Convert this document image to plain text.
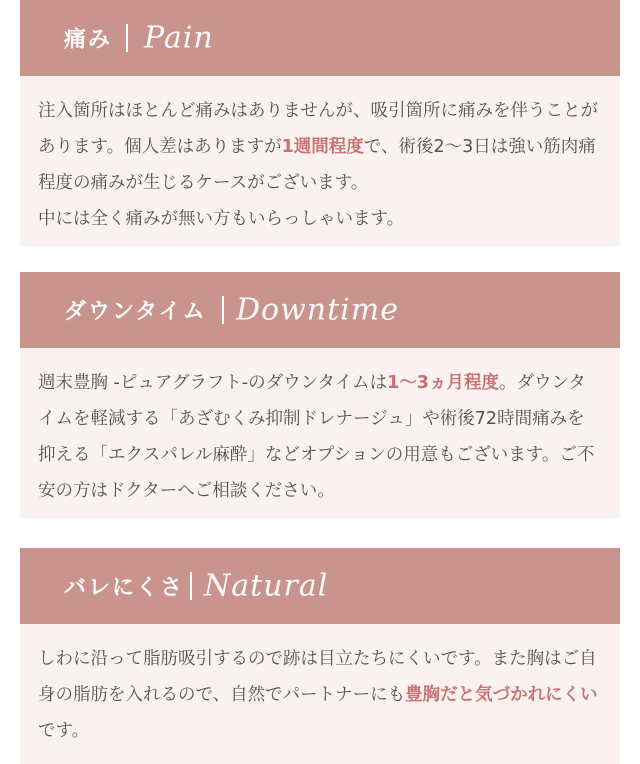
痛み Pain
注入箇所はほとんど痛みはありませんが、吸引箇所に痛みを伴うことがあります。個人差はありますが1週間程度で、術後2〜3日は強い筋肉痛程度の痛みが生じるケースがございます。
中には全く痛みが無い方もいらっしゃいます。
ダウンタイム Downtime
週末豊胸 -ピュアグラフト-のダウンタイムは1〜3ヵ月程度。ダウンタイムを軽減する「あざむくみ抑制ドレナージュ」や術後72時間痛みを抑える「エクスパレル麻酔」などオプションの用意もございます。ご不安の方はドクターへご相談ください。
バレにくさ Natural
しわに沿って脂肪吸引するので跡は目立たちにくいです。また胸はご自身の脂肪を入れるので、自然でパートナーにも豊胸だと気づかれにくいです。
